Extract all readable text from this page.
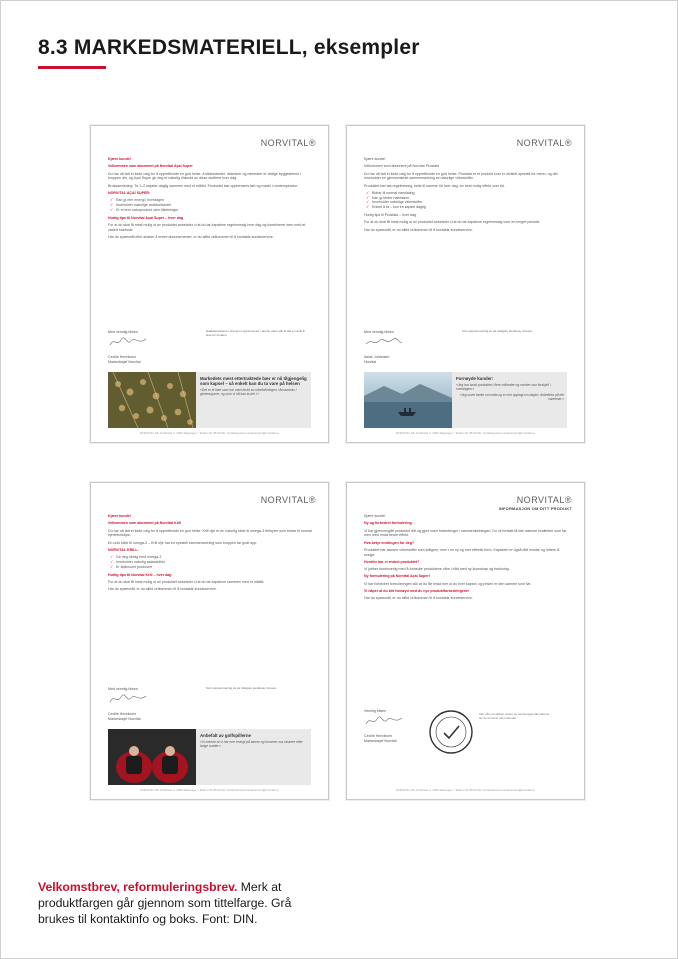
8.3 MARKEDSMATERIELL, eksempler
NORVITAL®

Kjære kunde!

Velkommen som abonnent på Norvital Açaí Super

Du har nå tatt et klokt valg for å opprettholde en god helse. Antioksidanter, vitaminer og mineraler er viktige byggesteiner i kroppen din, og Açaí Super gir deg et naturlig tilskudd av disse stoffene hver dag.

Bruksanvisning: Ta 1–2 kapsler daglig sammen med et måltid. Produktet bør oppbevares tørt og mørkt i romtemperatur.

NORVITAL AÇAÍ SUPER:

✓ Kan gi mer energi i hverdagen
✓ Inneholder naturlige antioksidanter
✓ Er et rent naturprodukt uten tilsetninger

Hurtig tips til Norvital Açaí Super – hver dag

For at du skal få mest mulig ut av produktet anbefaler vi at du tar kapslene regelmessig hver dag og kombinerer dem med et variert kosthold.

Har du spørsmål eller ønsker å endre abonnementet, er du alltid velkommen til å kontakte kundeservice.

Med vennlig hilsen
Cecilie Henriksen
Markedssjef Norvital
Nøkkelpunktene i brevet er oppsummert i denne ruten slik at det er raskt å lese for kunden.
Markedets mest ettertraktede bær er nå tilgjengelig som kapsel – så enkelt kan du ta vare på helsen
«Det er et bær som har vært brukt av urbefolkningen i Amazonas i generasjoner, og som vi nå kan ta del i.»
NORVITAL AS, Postboks 4, 4033 Stavanger • Telefon 51 85 00 00 • Kundeservice kundeservice@norvital.no
NORVITAL®

Kjære kunde!

Velkommen som abonnent på Norvital Prostata

Du har nå tatt et klokt valg for å opprettholde en god helse. Prostata er et produkt som er utviklet spesielt for menn, og det inneholder en gjennomtenkt sammensetning av naturlige virkestoffer.

Produktet bør tas regelmessig, helst til samme tid hver dag, for best mulig effekt over tid.

✓ Bidrar til normal vannlating
✓ Kan gi bedre nattesøvn
✓ Inneholder naturlige virkestoffer
✓ Enkelt å ta – kun én kapsel daglig

Hurtig tips til Prostata – hver dag

For at du skal få mest mulig ut av produktet anbefaler vi at du tar kapslene regelmessig over en lengre periode.

Har du spørsmål, er du alltid velkommen til å kontakte kundeservice.

Med vennlig hilsen
Aslak Johansen
Norvital
Kort oppsummering av de viktigste punktene i brevet.
Fornøyde kunder:
«Jeg har brukt produktet i flere måneder og merker stor forskjell i hverdagen.»
«Jeg sover bedre om natta og er mer opplagt om dagen. Anbefales på det varmeste.»
NORVITAL AS, Postboks 4, 4033 Stavanger • Telefon 51 85 00 00 • Kundeservice kundeservice@norvital.no
NORVITAL®

Kjære kunde!

Velkommen som abonnent på Norvital Krill

Du har nå tatt et klokt valg for å opprettholde en god helse. Krill olje er en naturlig kilde til omega-3 fettsyrer som bidrar til normal hjertefunksjon.

En unik kilde til omega-3 – Krill olje har en spesiell sammensetning som kroppen tar godt opp.

NORVITAL KRILL:

✓ Gir deg rikelig med omega-3
✓ Inneholder naturlig astaxanthin
✓ Er skånsomt produsert

Hurtig tips til Norvital Krill – hver dag

For at du skal få mest mulig ut av produktet anbefaler vi at du tar kapslene sammen med et måltid.

Har du spørsmål, er du alltid velkommen til å kontakte kundeservice.

Med vennlig hilsen
Cecilie Henriksen
Markedssjef Norvital
Kort oppsummering av de viktigste punktene i brevet.
Anbefalt av golfspillerne
«Vi merker at vi har mer energi på banen og kommer oss raskere etter lange runder.»
NORVITAL AS, Postboks 4, 4033 Stavanger • Telefon 51 85 00 00 • Kundeservice kundeservice@norvital.no
NORVITAL®
INFORMASJON OM DITT PRODUKT

Kjære kunde!

Ny og forbedret formulering

Vi har gjennomgått produktet ditt og gjort noen forbedringer i sammensetningen. Du vil fortsatt få den samme kvaliteten som før, men med enda bedre effekt.

Hva betyr endringen for deg?

Produktet har samme virkestoffer som tidligere, men i en ny og mer effektiv form. Kapselen er også blitt mindre og lettere å svelge.

Hvorfor har vi endret produktet?

Vi jobber kontinuerlig med å forbedre produktene våre i tråd med ny kunnskap og forskning.

Ny formulering på Norvital Açaí Super!

Vi har forbedret formuleringen slik at du får enda mer ut av hver kapsel, og prisen er den samme som før.

Vi håper at du blir fornøyd med de nye produktforbedringene!

Har du spørsmål, er du alltid velkommen til å kontakte kundeservice.

Vennlig hilsen
Cecilie Henriksen
Markedssjef Norvital
Alle våre produkter testes av uavhengige laboratorier før de kommer på markedet.
NORVITAL AS, Postboks 4, 4033 Stavanger • Telefon 51 85 00 00 • Kundeservice kundeservice@norvital.no
Velkomstbrev, reformuleringsbrev. Merk at produktfargen går gjennom som tittelfarge. Grå brukes til kontaktinfo og boks. Font: DIN.
